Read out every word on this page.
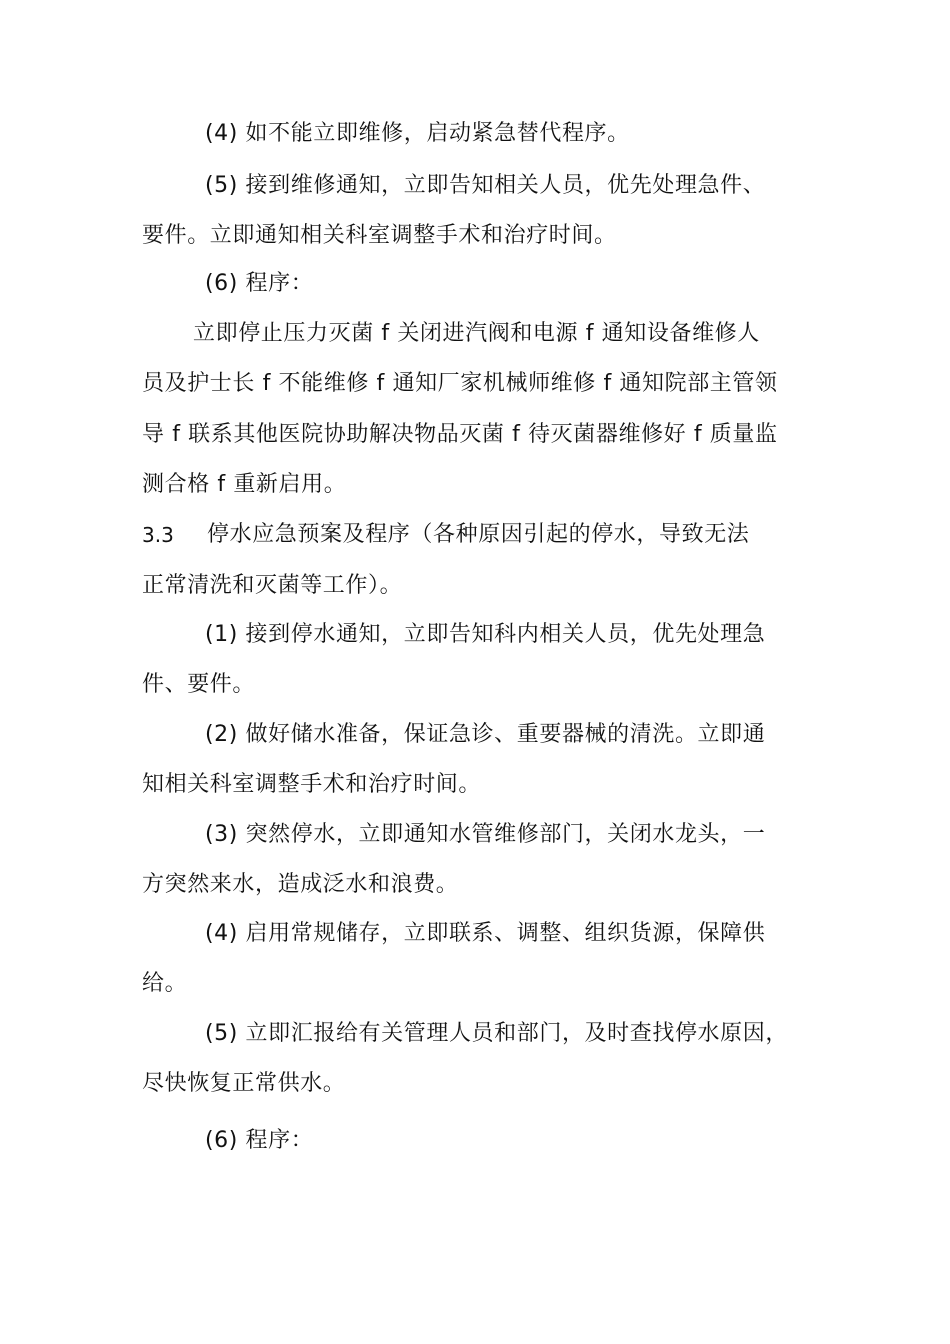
(4) 如不能立即维修，启动紧急替代程序。
(5) 接到维修通知，立即告知相关人员，优先处理急件、
要件。立即通知相关科室调整手术和治疗时间。
(6) 程序：
立即停止压力灭菌 f 关闭进汽阀和电源 f 通知设备维修人
员及护士长 f 不能维修 f 通知厂家机械师维修 f 通知院部主管领
导 f 联系其他医院协助解决物品灭菌 f 待灭菌器维修好 f 质量监
测合格 f 重新启用。
3.3 停水应急预案及程序（各种原因引起的停水，导致无法
正常清洗和灭菌等工作）。
(1) 接到停水通知，立即告知科内相关人员，优先处理急
件、要件。
(2) 做好储水准备，保证急诊、重要器械的清洗。立即通
知相关科室调整手术和治疗时间。
(3) 突然停水，立即通知水管维修部门，关闭水龙头，一
方突然来水，造成泛水和浪费。
(4) 启用常规储存，立即联系、调整、组织货源，保障供
给。
(5) 立即汇报给有关管理人员和部门，及时查找停水原因，
尽快恢复正常供水。
(6) 程序：
